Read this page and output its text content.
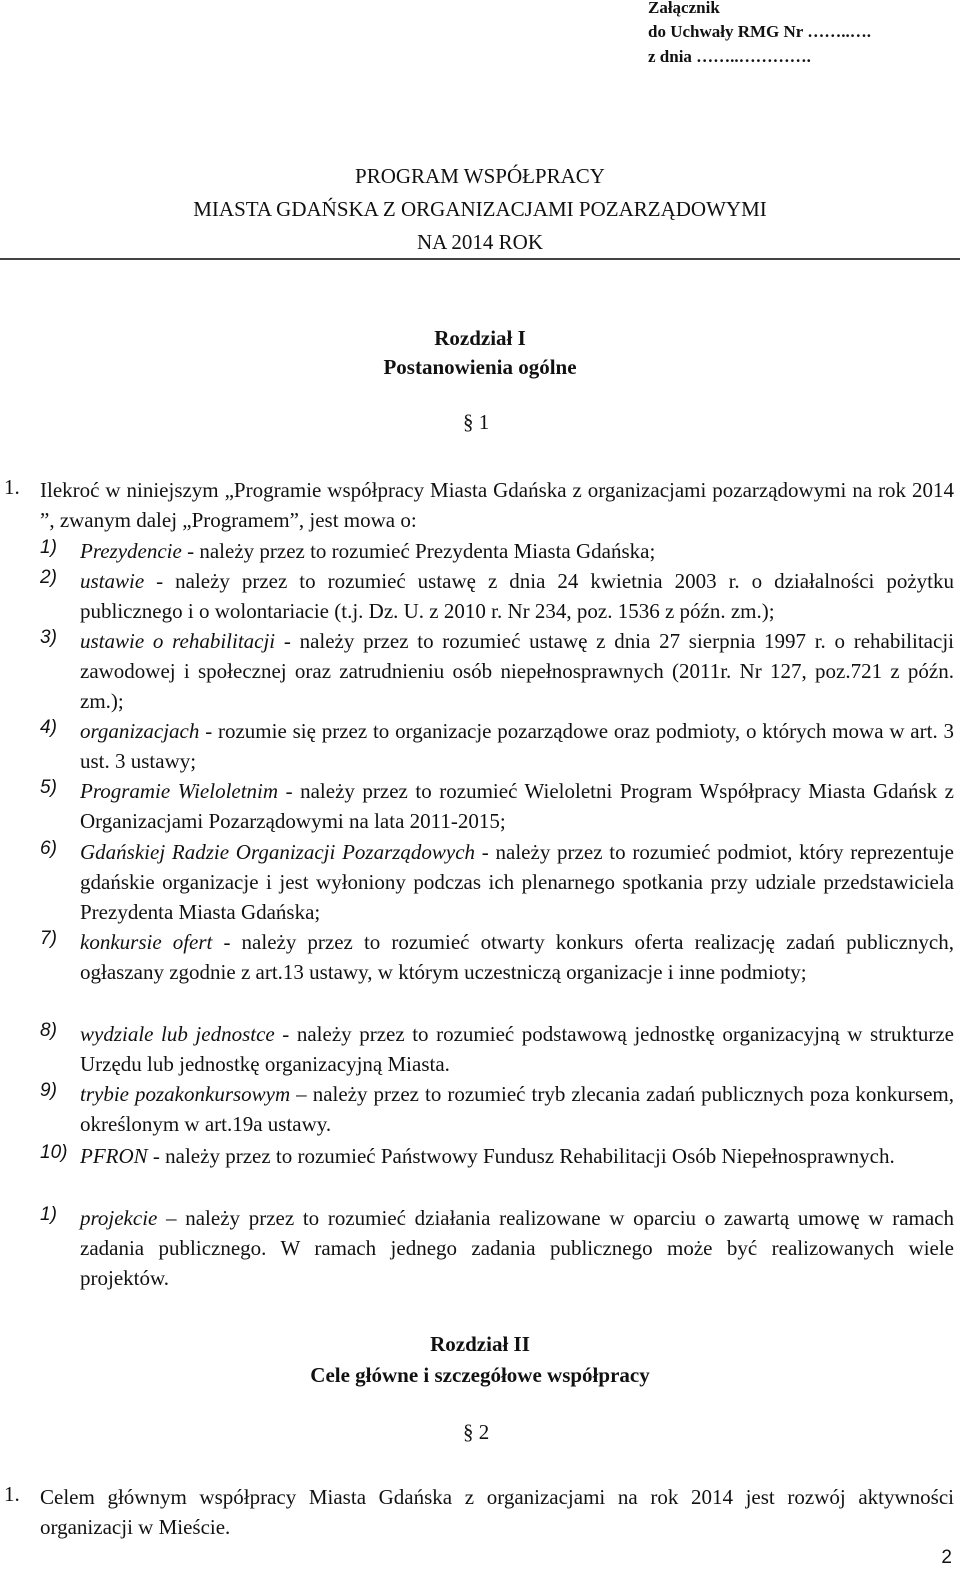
Załącznik
do Uchwały RMG Nr ……..….
z dnia ……..………….
PROGRAM WSPÓŁPRACY
MIASTA GDAŃSKA Z ORGANIZACJAMI POZARZĄDOWYMI
NA 2014 ROK
Rozdział I
Postanowienia ogólne
§ 1
1. Ilekroć w niniejszym „Programie współpracy Miasta Gdańska z organizacjami pozarządowymi na rok 2014 ”, zwanym dalej „Programem”, jest mowa o:
1) Prezydencie - należy przez to rozumieć Prezydenta Miasta Gdańska;
2) ustawie - należy przez to rozumieć ustawę z dnia 24 kwietnia 2003 r. o działalności pożytku publicznego i o wolontariacie (t.j. Dz. U. z 2010 r. Nr 234, poz. 1536 z późn. zm.);
3) ustawie o rehabilitacji - należy przez to rozumieć ustawę z dnia 27 sierpnia 1997 r. o rehabilitacji zawodowej i społecznej oraz zatrudnieniu osób niepełnosprawnych (2011r. Nr 127, poz.721 z późn. zm.);
4) organizacjach - rozumie się przez to organizacje pozarządowe oraz podmioty, o których mowa w art. 3 ust. 3 ustawy;
5) Programie Wieloletnim - należy przez to rozumieć Wieloletni Program Współpracy Miasta Gdańsk z Organizacjami Pozarządowymi na lata 2011-2015;
6) Gdańskiej Radzie Organizacji Pozarządowych - należy przez to rozumieć podmiot, który reprezentuje gdańskie organizacje i jest wyłoniony podczas ich plenarnego spotkania przy udziale przedstawiciela Prezydenta Miasta Gdańska;
7) konkursie ofert - należy przez to rozumieć otwarty konkurs oferta realizację zadań publicznych, ogłaszany zgodnie z art.13 ustawy, w którym uczestniczą organizacje i inne podmioty;
8) wydziale lub jednostce - należy przez to rozumieć podstawową jednostkę organizacyjną w strukturze Urzędu lub jednostkę organizacyjną Miasta.
9) trybie pozakonkursowym – należy przez to rozumieć tryb zlecania zadań publicznych poza konkursem, określonym w art.19a ustawy.
10) PFRON - należy przez to rozumieć Państwowy Fundusz Rehabilitacji Osób Niepełnosprawnych.
1) projekcie – należy przez to rozumieć działania realizowane w oparciu o zawartą umowę w ramach zadania publicznego. W ramach jednego zadania publicznego może być realizowanych wiele projektów.
Rozdział II
Cele główne i szczegółowe współpracy
§ 2
1. Celem głównym współpracy Miasta Gdańska z organizacjami na rok 2014 jest rozwój aktywności organizacji w Mieście.
2
